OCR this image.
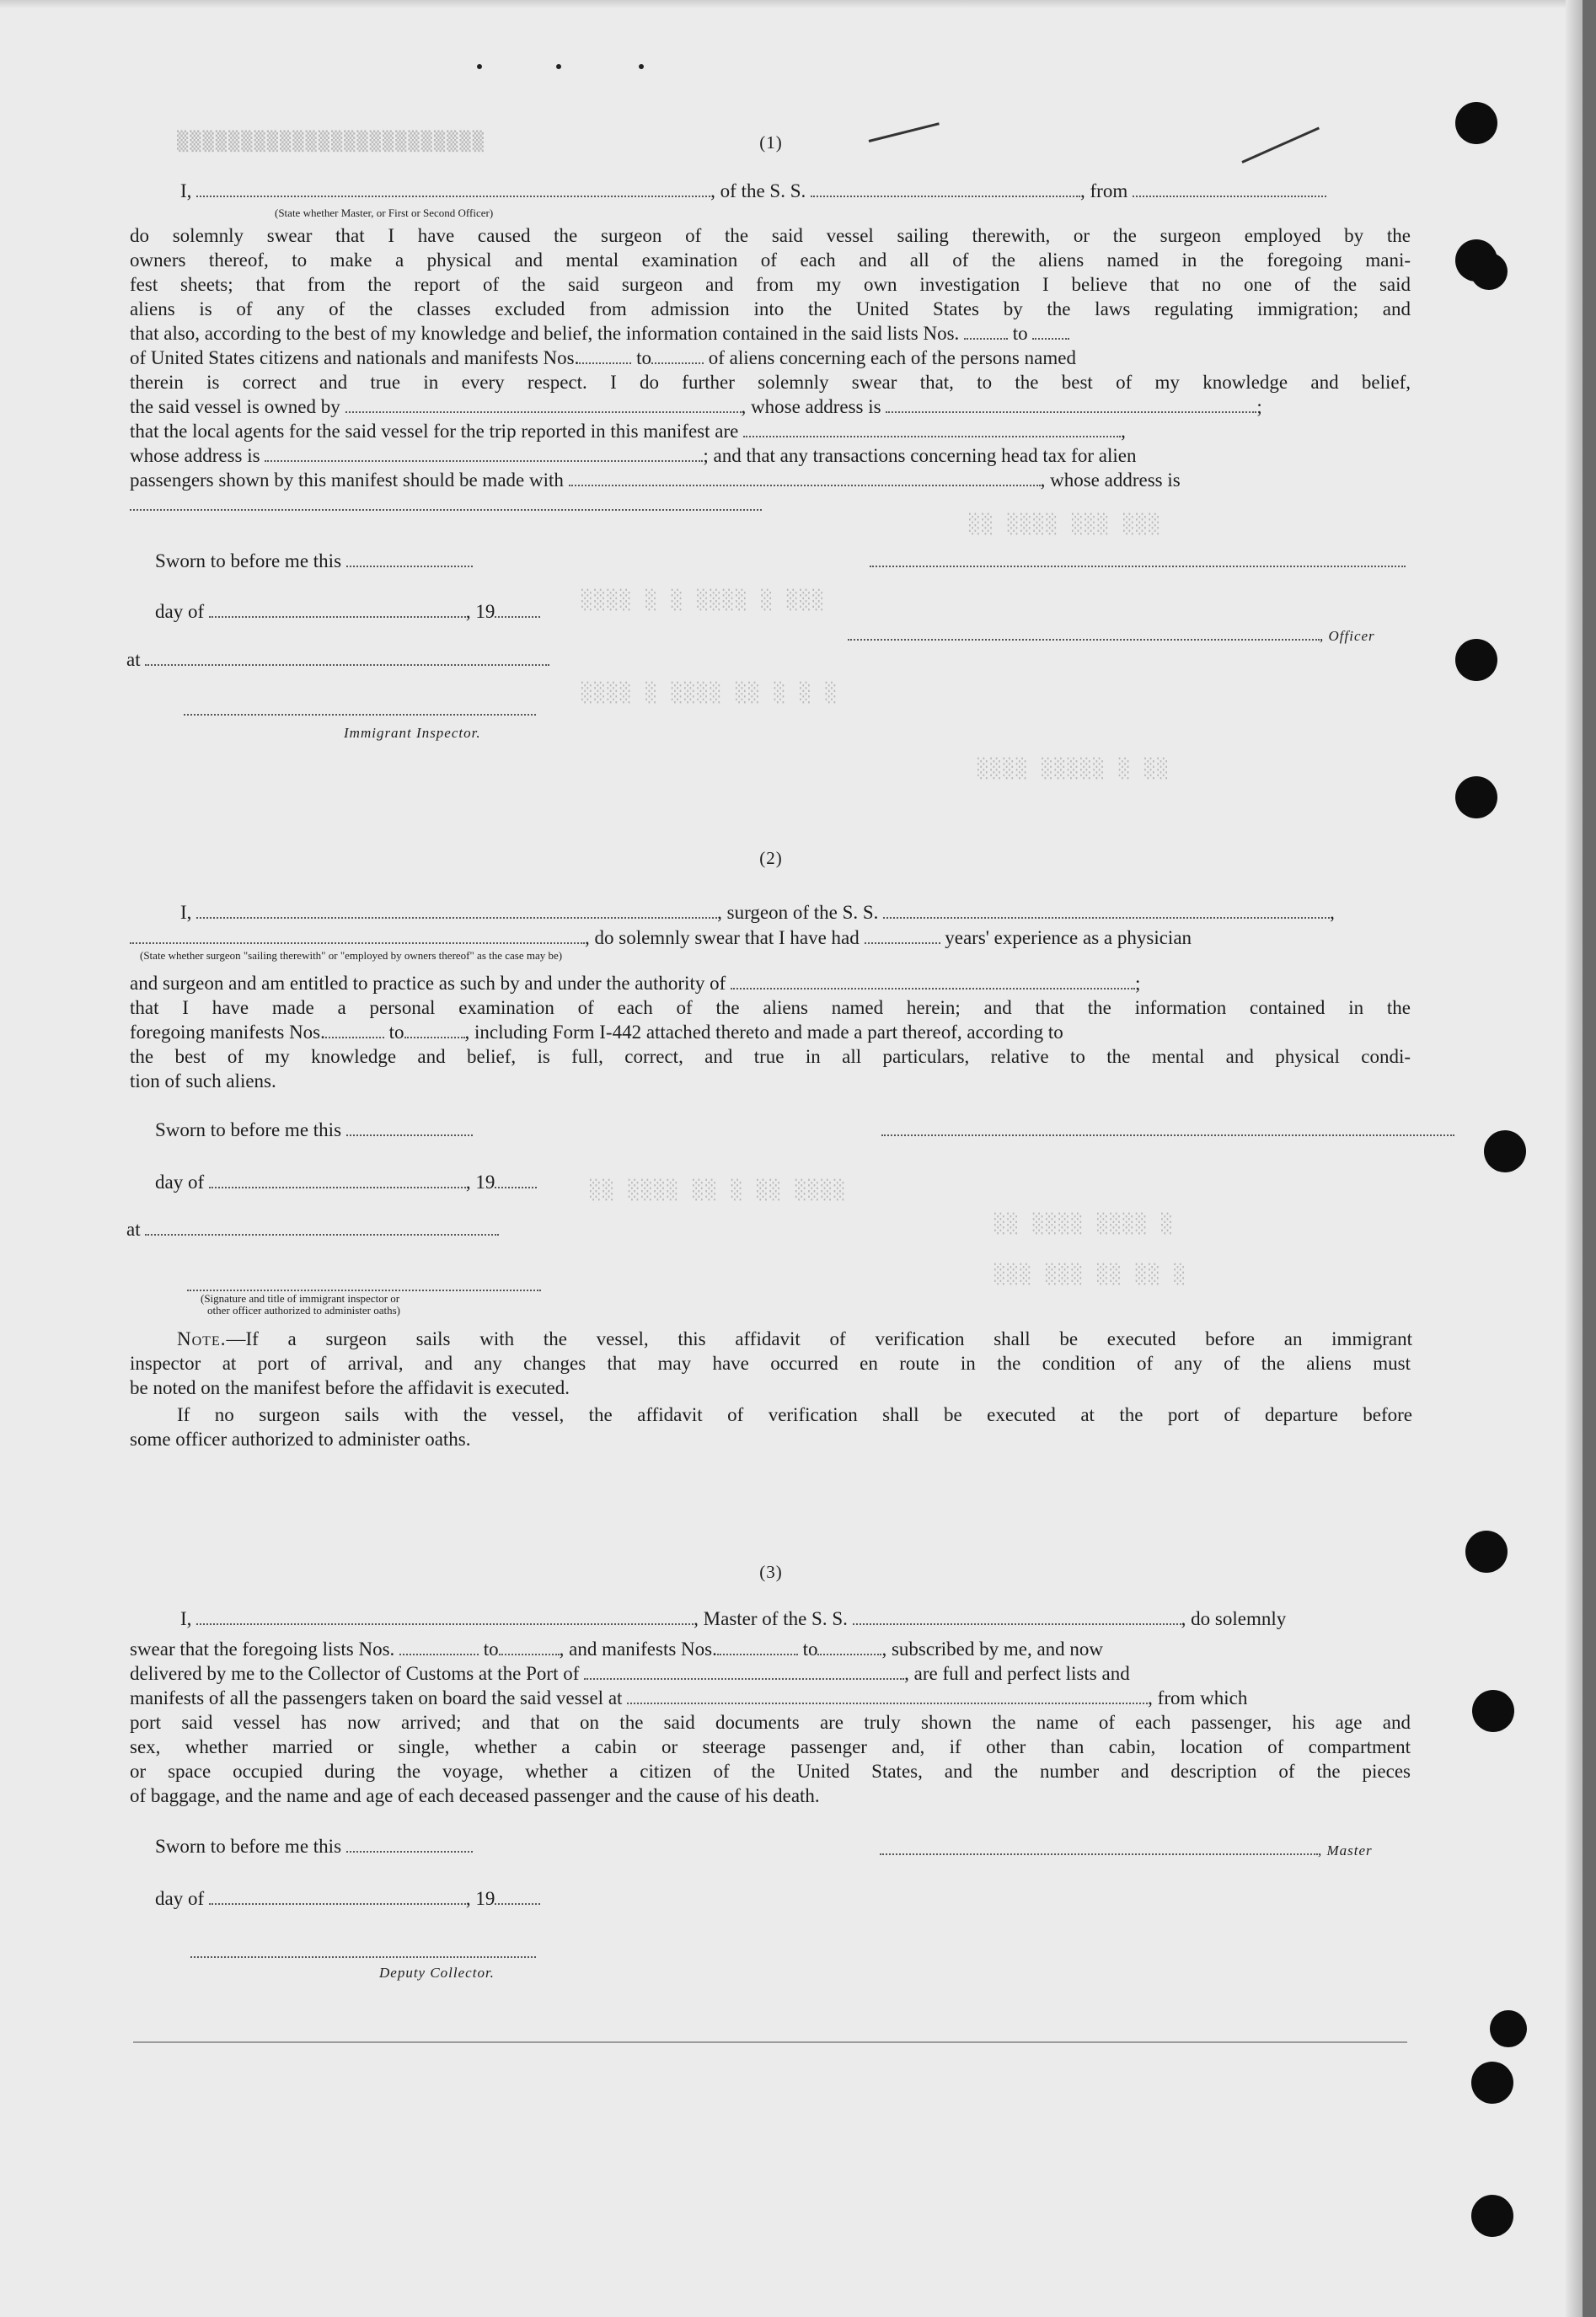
▒▒▒▒▒▒▒▒▒▒▒▒▒▒▒▒▒▒▒▒▒▒▒▒
░░ ░░░░ ░░░ ░░░
░░░░ ░ ░ ░░░░ ░ ░░░
░░░░ ░ ░░░░ ░░ ░ ░ ░
░░░░ ░░░░░ ░ ░░
░░ ░░░░ ░░ ░ ░░ ░░░░
░░ ░░░░ ░░░░ ░
░░░ ░░░ ░░ ░░ ░
(1)
I,	, of the S. S.	, from
(State whether Master, or First or Second Officer)
do solemnly swear that I have caused the surgeon of the said vessel sailing therewith, or the surgeon employed by the
owners thereof, to make a physical and mental examination of each and all of the aliens named in the foregoing mani-
fest sheets; that from the report of the said surgeon and from my own investigation I believe that no one of the said
aliens is of any of the classes excluded from admission into the United States by the laws regulating immigration; and
that also, according to the best of my knowledge and belief, the information contained in the said lists Nos.	to
of United States citizens and nationals and manifests Nos.	to	of aliens concerning each of the persons named
therein is correct and true in every respect. I do further solemnly swear that, to the best of my knowledge and belief,
the said vessel is owned by	, whose address is	;
that the local agents for the said vessel for the trip reported in this manifest are	,
whose address is	; and that any transactions concerning head tax for alien
passengers shown by this manifest should be made with	, whose address is
Sworn to before me this
day of	, 19
at
, Officer
Immigrant Inspector.
(2)
I,	, surgeon of the S. S.	,
, do solemnly swear that I have had	years' experience as a physician
(State whether surgeon "sailing therewith" or "employed by owners thereof" as the case may be)
and surgeon and am entitled to practice as such by and under the authority of	;
that I have made a personal examination of each of the aliens named herein; and that the information contained in the
foregoing manifests Nos.	to	, including Form I-442 attached thereto and made a part thereof, according to
the best of my knowledge and belief, is full, correct, and true in all particulars, relative to the mental and physical condi-
tion of such aliens.
Sworn to before me this
day of	, 19
at
(Signature and title of immigrant inspector or
other officer authorized to administer oaths)
Note.—If a surgeon sails with the vessel, this affidavit of verification shall be executed before an immigrant
inspector at port of arrival, and any changes that may have occurred en route in the condition of any of the aliens must
be noted on the manifest before the affidavit is executed.
If no surgeon sails with the vessel, the affidavit of verification shall be executed at the port of departure before
some officer authorized to administer oaths.
(3)
I,	, Master of the S. S.	, do solemnly
swear that the foregoing lists Nos.	to	, and manifests Nos.	to	, subscribed by me, and now
delivered by me to the Collector of Customs at the Port of	, are full and perfect lists and
manifests of all the passengers taken on board the said vessel at	, from which
port said vessel has now arrived; and that on the said documents are truly shown the name of each passenger, his age and
sex, whether married or single, whether a cabin or steerage passenger and, if other than cabin, location of compartment
or space occupied during the voyage, whether a citizen of the United States, and the number and description of the pieces
of baggage, and the name and age of each deceased passenger and the cause of his death.
Sworn to before me this	, Master
day of	, 19
Deputy Collector.
